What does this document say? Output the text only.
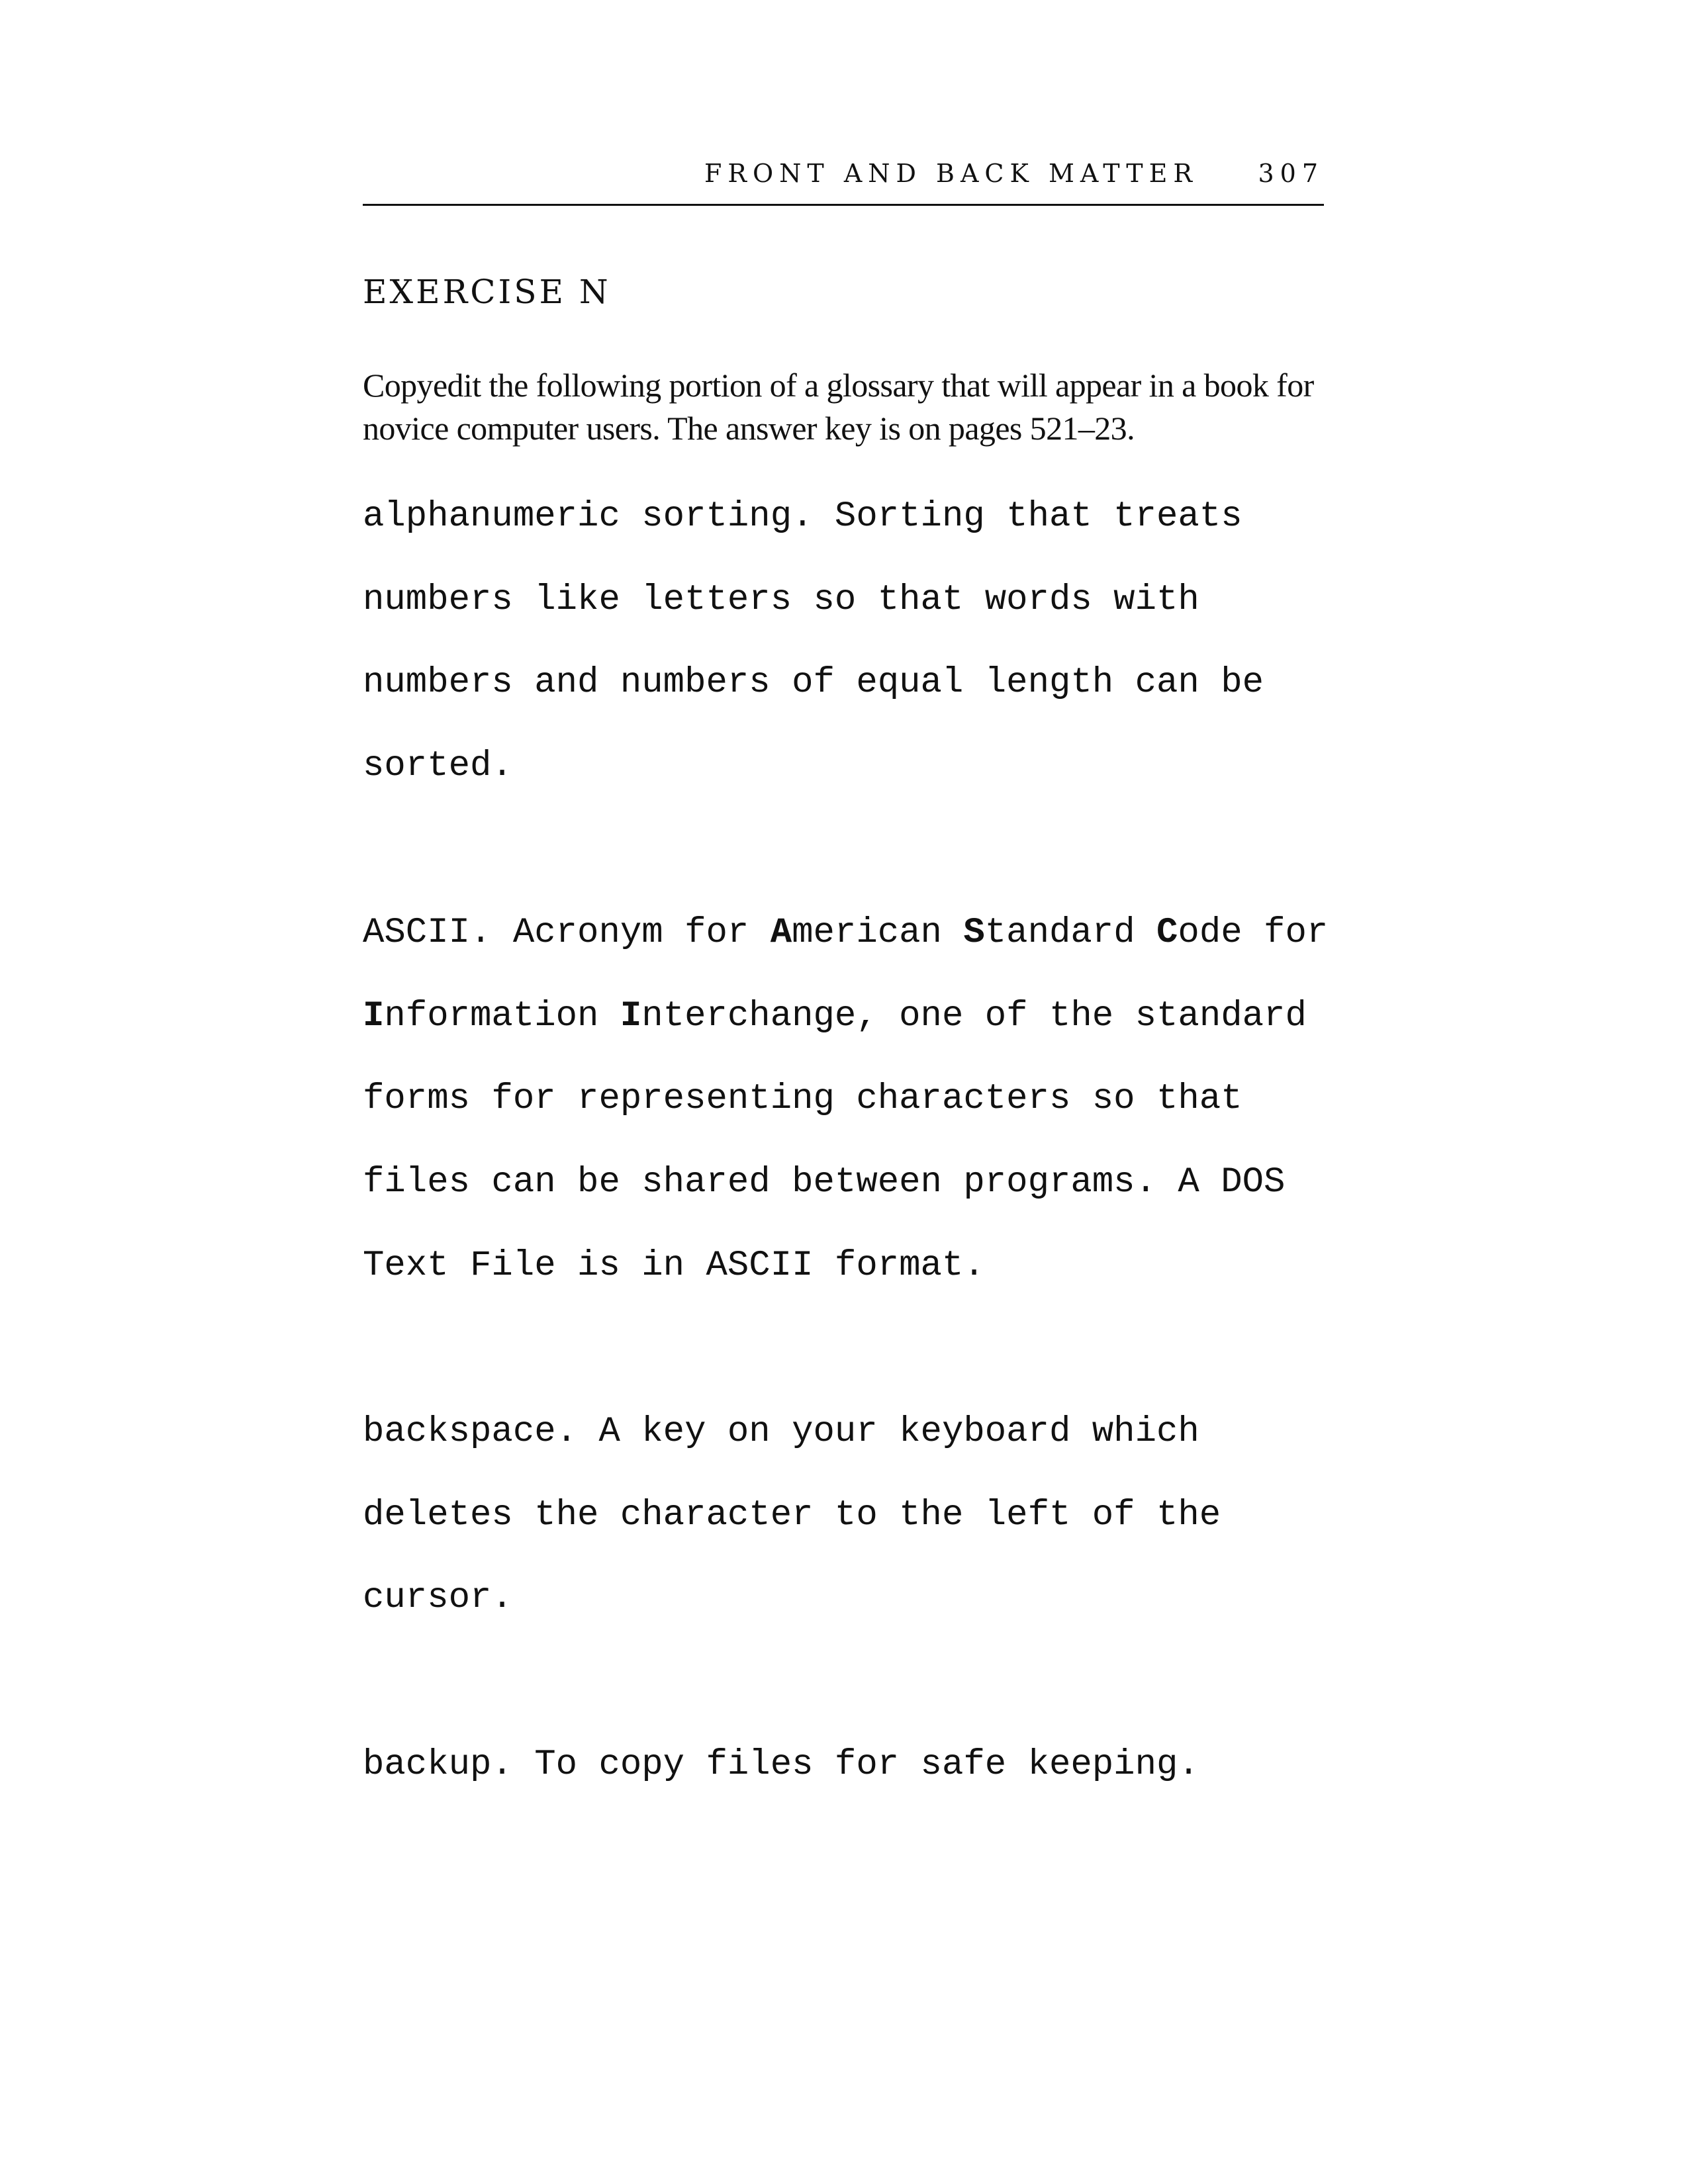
FRONT AND BACK MATTER 307
EXERCISE N
Copyedit the following portion of a glossary that will appear in a book for novice computer users. The answer key is on pages 521–23.
alphanumeric sorting. Sorting that treats
numbers like letters so that words with
numbers and numbers of equal length can be
sorted.
ASCII. Acronym for American Standard Code for
Information Interchange, one of the standard
forms for representing characters so that
files can be shared between programs. A DOS
Text File is in ASCII format.
backspace. A key on your keyboard which
deletes the character to the left of the
cursor.
backup. To copy files for safe keeping.
